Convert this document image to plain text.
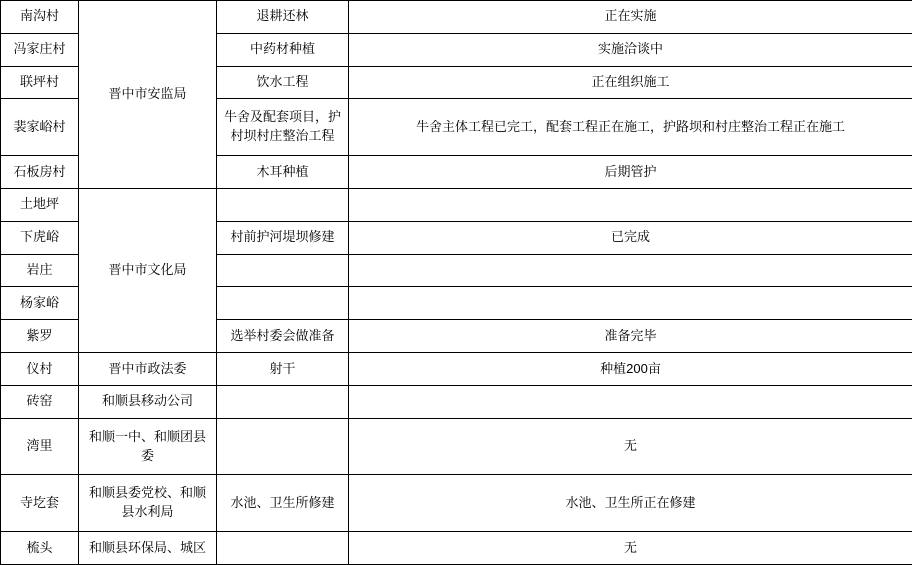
南沟村	晋中市安监局	退耕还林	正在实施

冯家庄村		中药材种植	实施洽谈中

联坪村		饮水工程	正在组织施工

裴家峪村		牛舍及配套项目，护村坝村庄整治工程	牛舍主体工程已完工，配套工程正在施工，护路坝和村庄整治工程正在施工

石板房村		木耳种植	后期管护

土地坪	晋中市文化局		

下虎峪		村前护河堤坝修建	已完成

岩庄			

杨家峪			

紫罗		选举村委会做准备	准备完毕

仪村	晋中市政法委	射干	种植200亩

砖窑	和顺县移动公司		

湾里	和顺一中、和顺团县委		无

寺圪套	和顺县委党校、和顺县水利局	水池、卫生所修建	水池、卫生所正在修建

梳头	和顺县环保局、城区		无
